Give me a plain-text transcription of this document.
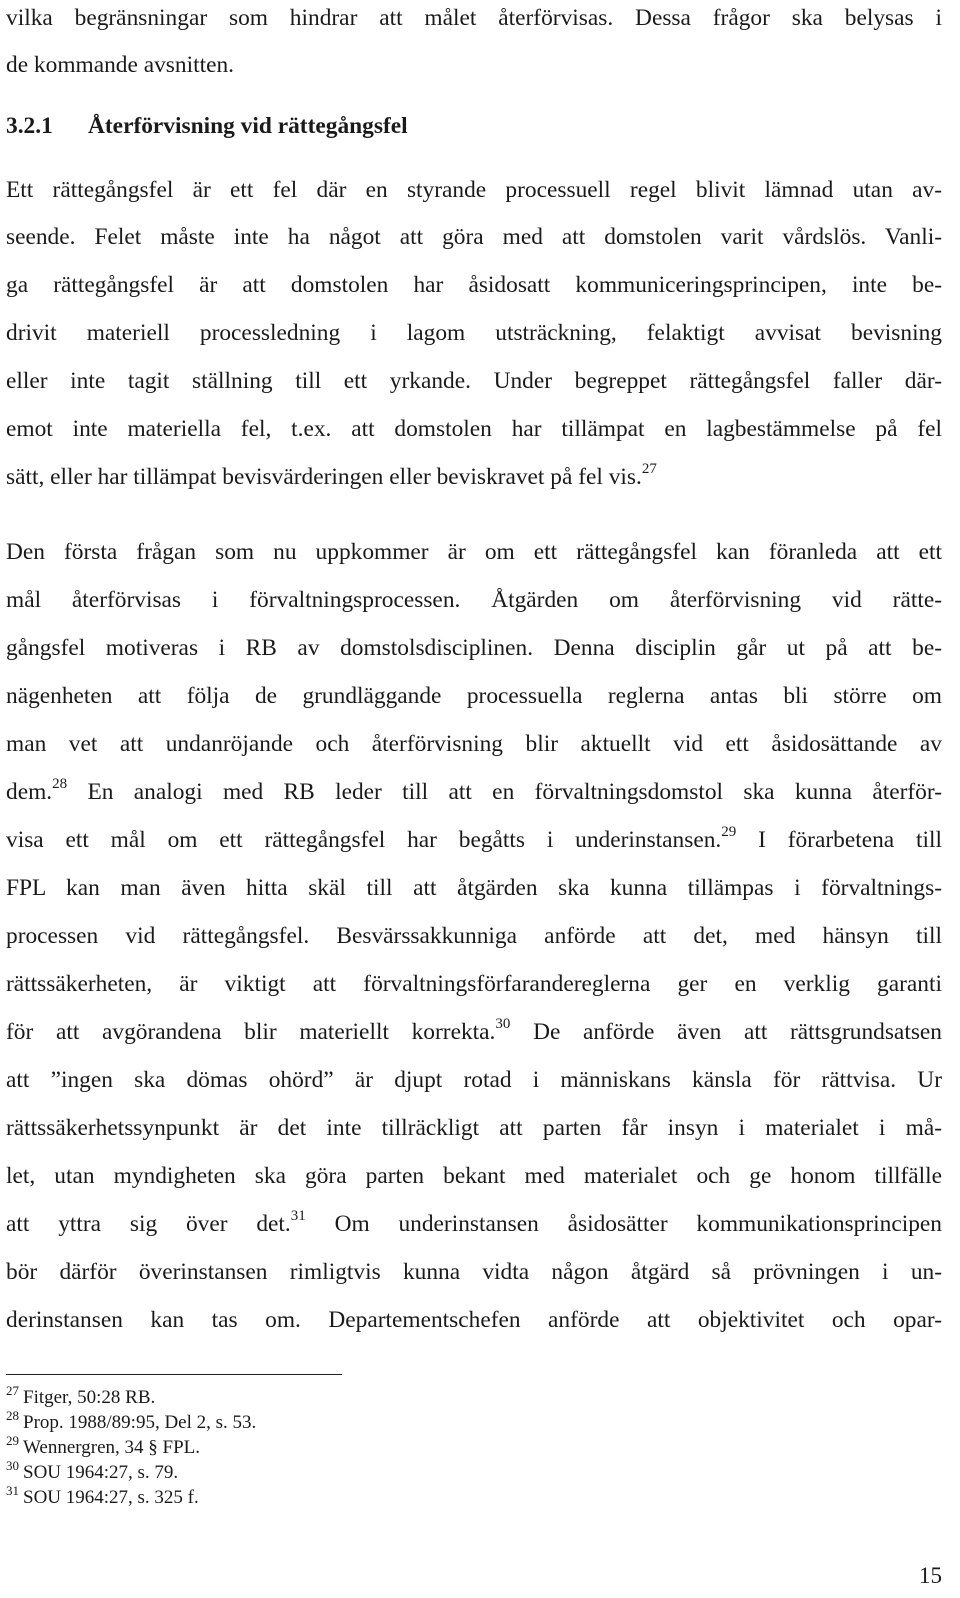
vilka begränsningar som hindrar att målet återförvisas. Dessa frågor ska belysas i
de kommande avsnitten.
3.2.1 Återförvisning vid rättegångsfel
Ett rättegångsfel är ett fel där en styrande processuell regel blivit lämnad utan av-
seende. Felet måste inte ha något att göra med att domstolen varit vårdslös. Vanli-
ga rättegångsfel är att domstolen har åsidosatt kommuniceringsprincipen, inte be-
drivit materiell processledning i lagom utsträckning, felaktigt avvisat bevisning
eller inte tagit ställning till ett yrkande. Under begreppet rättegångsfel faller där-
emot inte materiella fel, t.ex. att domstolen har tillämpat en lagbestämmelse på fel
sätt, eller har tillämpat bevisvärderingen eller beviskravet på fel vis.$^{27}$
Den första frågan som nu uppkommer är om ett rättegångsfel kan föranleda att ett
mål återförvisas i förvaltningsprocessen. Åtgärden om återförvisning vid rätte-
gångsfel motiveras i RB av domstolsdisciplinen. Denna disciplin går ut på att be-
nägenheten att följa de grundläggande processuella reglerna antas bli större om
man vet att undanröjande och återförvisning blir aktuellt vid ett åsidosättande av
dem.$^{28}$ En analogi med RB leder till att en förvaltningsdomstol ska kunna återför-
visa ett mål om ett rättegångsfel har begåtts i underinstansen.$^{29}$ I förarbetena till
FPL kan man även hitta skäl till att åtgärden ska kunna tillämpas i förvaltnings-
processen vid rättegångsfel. Besvärssakkunniga anförde att det, med hänsyn till
rättssäkerheten, är viktigt att förvaltningsförfarandereglerna ger en verklig garanti
för att avgörandena blir materiellt korrekta.$^{30}$ De anförde även att rättsgrundsatsen
att ”ingen ska dömas ohörd” är djupt rotad i människans känsla för rättvisa. Ur
rättssäkerhetssynpunkt är det inte tillräckligt att parten får insyn i materialet i må-
let, utan myndigheten ska göra parten bekant med materialet och ge honom tillfälle
att yttra sig över det.$^{31}$ Om underinstansen åsidosätter kommunikationsprincipen
bör därför överinstansen rimligtvis kunna vidta någon åtgärd så prövningen i un-
derinstansen kan tas om. Departementschefen anförde att objektivitet och opar-
$^{27}$ Fitger, 50:28 RB.
$^{28}$ Prop. 1988/89:95, Del 2, s. 53.
$^{29}$ Wennergren, 34 § FPL.
$^{30}$ SOU 1964:27, s. 79.
$^{31}$ SOU 1964:27, s. 325 f.
15
